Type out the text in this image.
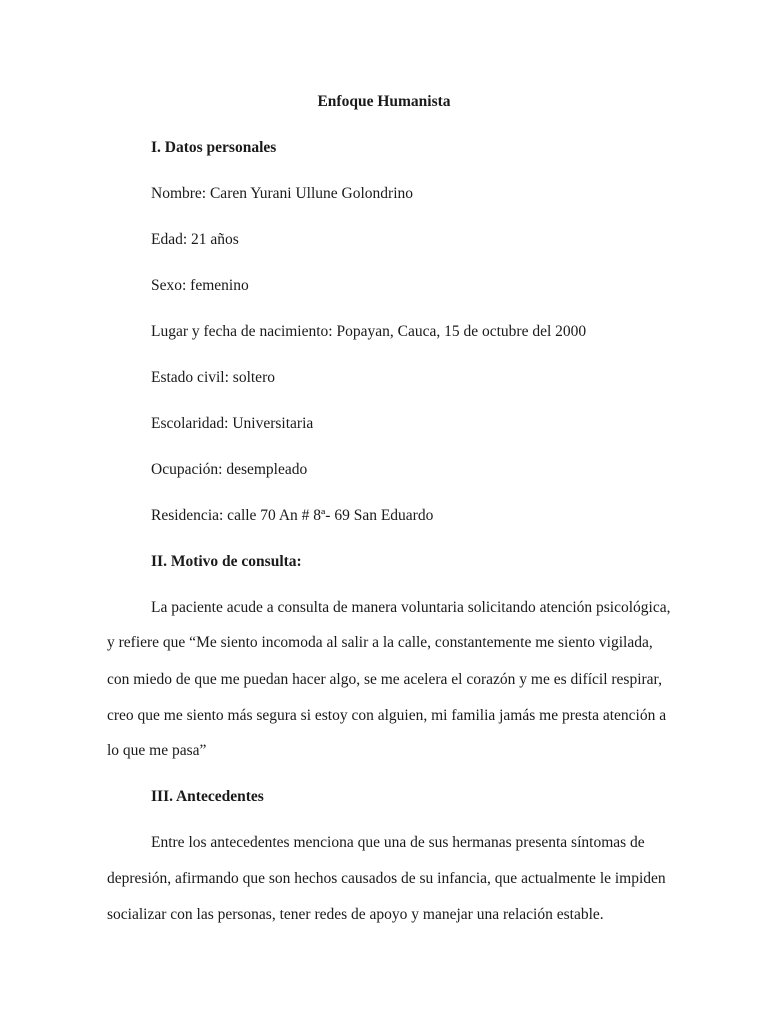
Enfoque Humanista
I. Datos personales
Nombre: Caren Yurani Ullune Golondrino
Edad: 21 años
Sexo: femenino
Lugar y fecha de nacimiento: Popayan, Cauca, 15 de octubre del 2000
Estado civil: soltero
Escolaridad: Universitaria
Ocupación: desempleado
Residencia: calle 70 An # 8ª- 69 San Eduardo
II. Motivo de consulta:
La paciente acude a consulta de manera voluntaria solicitando atención psicológica,
y refiere que “Me siento incomoda al salir a la calle, constantemente me siento vigilada,
con miedo de que me puedan hacer algo, se me acelera el corazón y me es difícil respirar,
creo que me siento más segura si estoy con alguien, mi familia jamás me presta atención a
lo que me pasa”
III. Antecedentes
Entre los antecedentes menciona que una de sus hermanas presenta síntomas de
depresión, afirmando que son hechos causados de su infancia, que actualmente le impiden
socializar con las personas, tener redes de apoyo y manejar una relación estable.
